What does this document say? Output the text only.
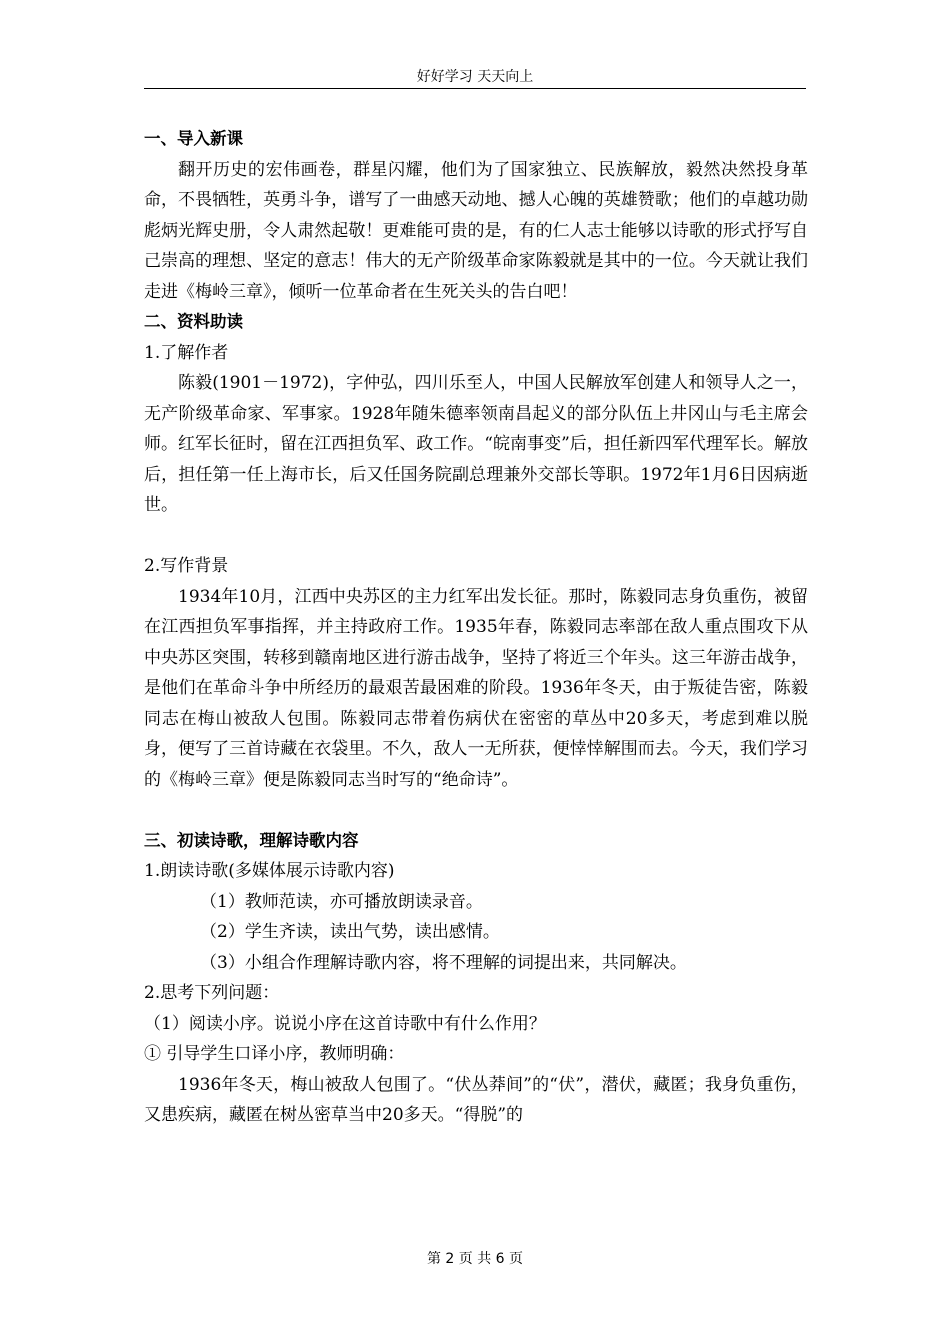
好好学习 天天向上

一、导入新课

翻开历史的宏伟画卷，群星闪耀，他们为了国家独立、民族解放，毅然决然投身革命，不畏牺牲，英勇斗争，谱写了一曲感天动地、撼人心魄的英雄赞歌；他们的卓越功勋彪炳光辉史册，令人肃然起敬！更难能可贵的是，有的仁人志士能够以诗歌的形式抒写自己崇高的理想、坚定的意志！伟大的无产阶级革命家陈毅就是其中的一位。今天就让我们走进《梅岭三章》，倾听一位革命者在生死关头的告白吧！

二、资料助读

1.了解作者

陈毅(1901－1972)，字仲弘，四川乐至人，中国人民解放军创建人和领导人之一，无产阶级革命家、军事家。1928年随朱德率领南昌起义的部分队伍上井冈山与毛主席会师。红军长征时，留在江西担负军、政工作。“皖南事变”后，担任新四军代理军长。解放后，担任第一任上海市长，后又任国务院副总理兼外交部长等职。1972年1月6日因病逝世。

2.写作背景

1934年10月，江西中央苏区的主力红军出发长征。那时，陈毅同志身负重伤，被留在江西担负军事指挥，并主持政府工作。1935年春，陈毅同志率部在敌人重点围攻下从中央苏区突围，转移到赣南地区进行游击战争，坚持了将近三个年头。这三年游击战争，是他们在革命斗争中所经历的最艰苦最困难的阶段。1936年冬天，由于叛徒告密，陈毅同志在梅山被敌人包围。陈毅同志带着伤病伏在密密的草丛中20多天，考虑到难以脱身，便写了三首诗藏在衣袋里。不久，敌人一无所获，便悻悻解围而去。今天，我们学习的《梅岭三章》便是陈毅同志当时写的“绝命诗”。

三、初读诗歌，理解诗歌内容

1.朗读诗歌(多媒体展示诗歌内容)

（1）教师范读，亦可播放朗读录音。

（2）学生齐读，读出气势，读出感情。

（3）小组合作理解诗歌内容，将不理解的词提出来，共同解决。

2.思考下列问题：

（1）阅读小序。说说小序在这首诗歌中有什么作用？

① 引导学生口译小序，教师明确：

1936年冬天，梅山被敌人包围了。“伏丛莽间”的“伏”，潜伏，藏匿；我身负重伤，又患疾病，藏匿在树丛密草当中20多天。“得脱”的

第 2 页 共 6 页
